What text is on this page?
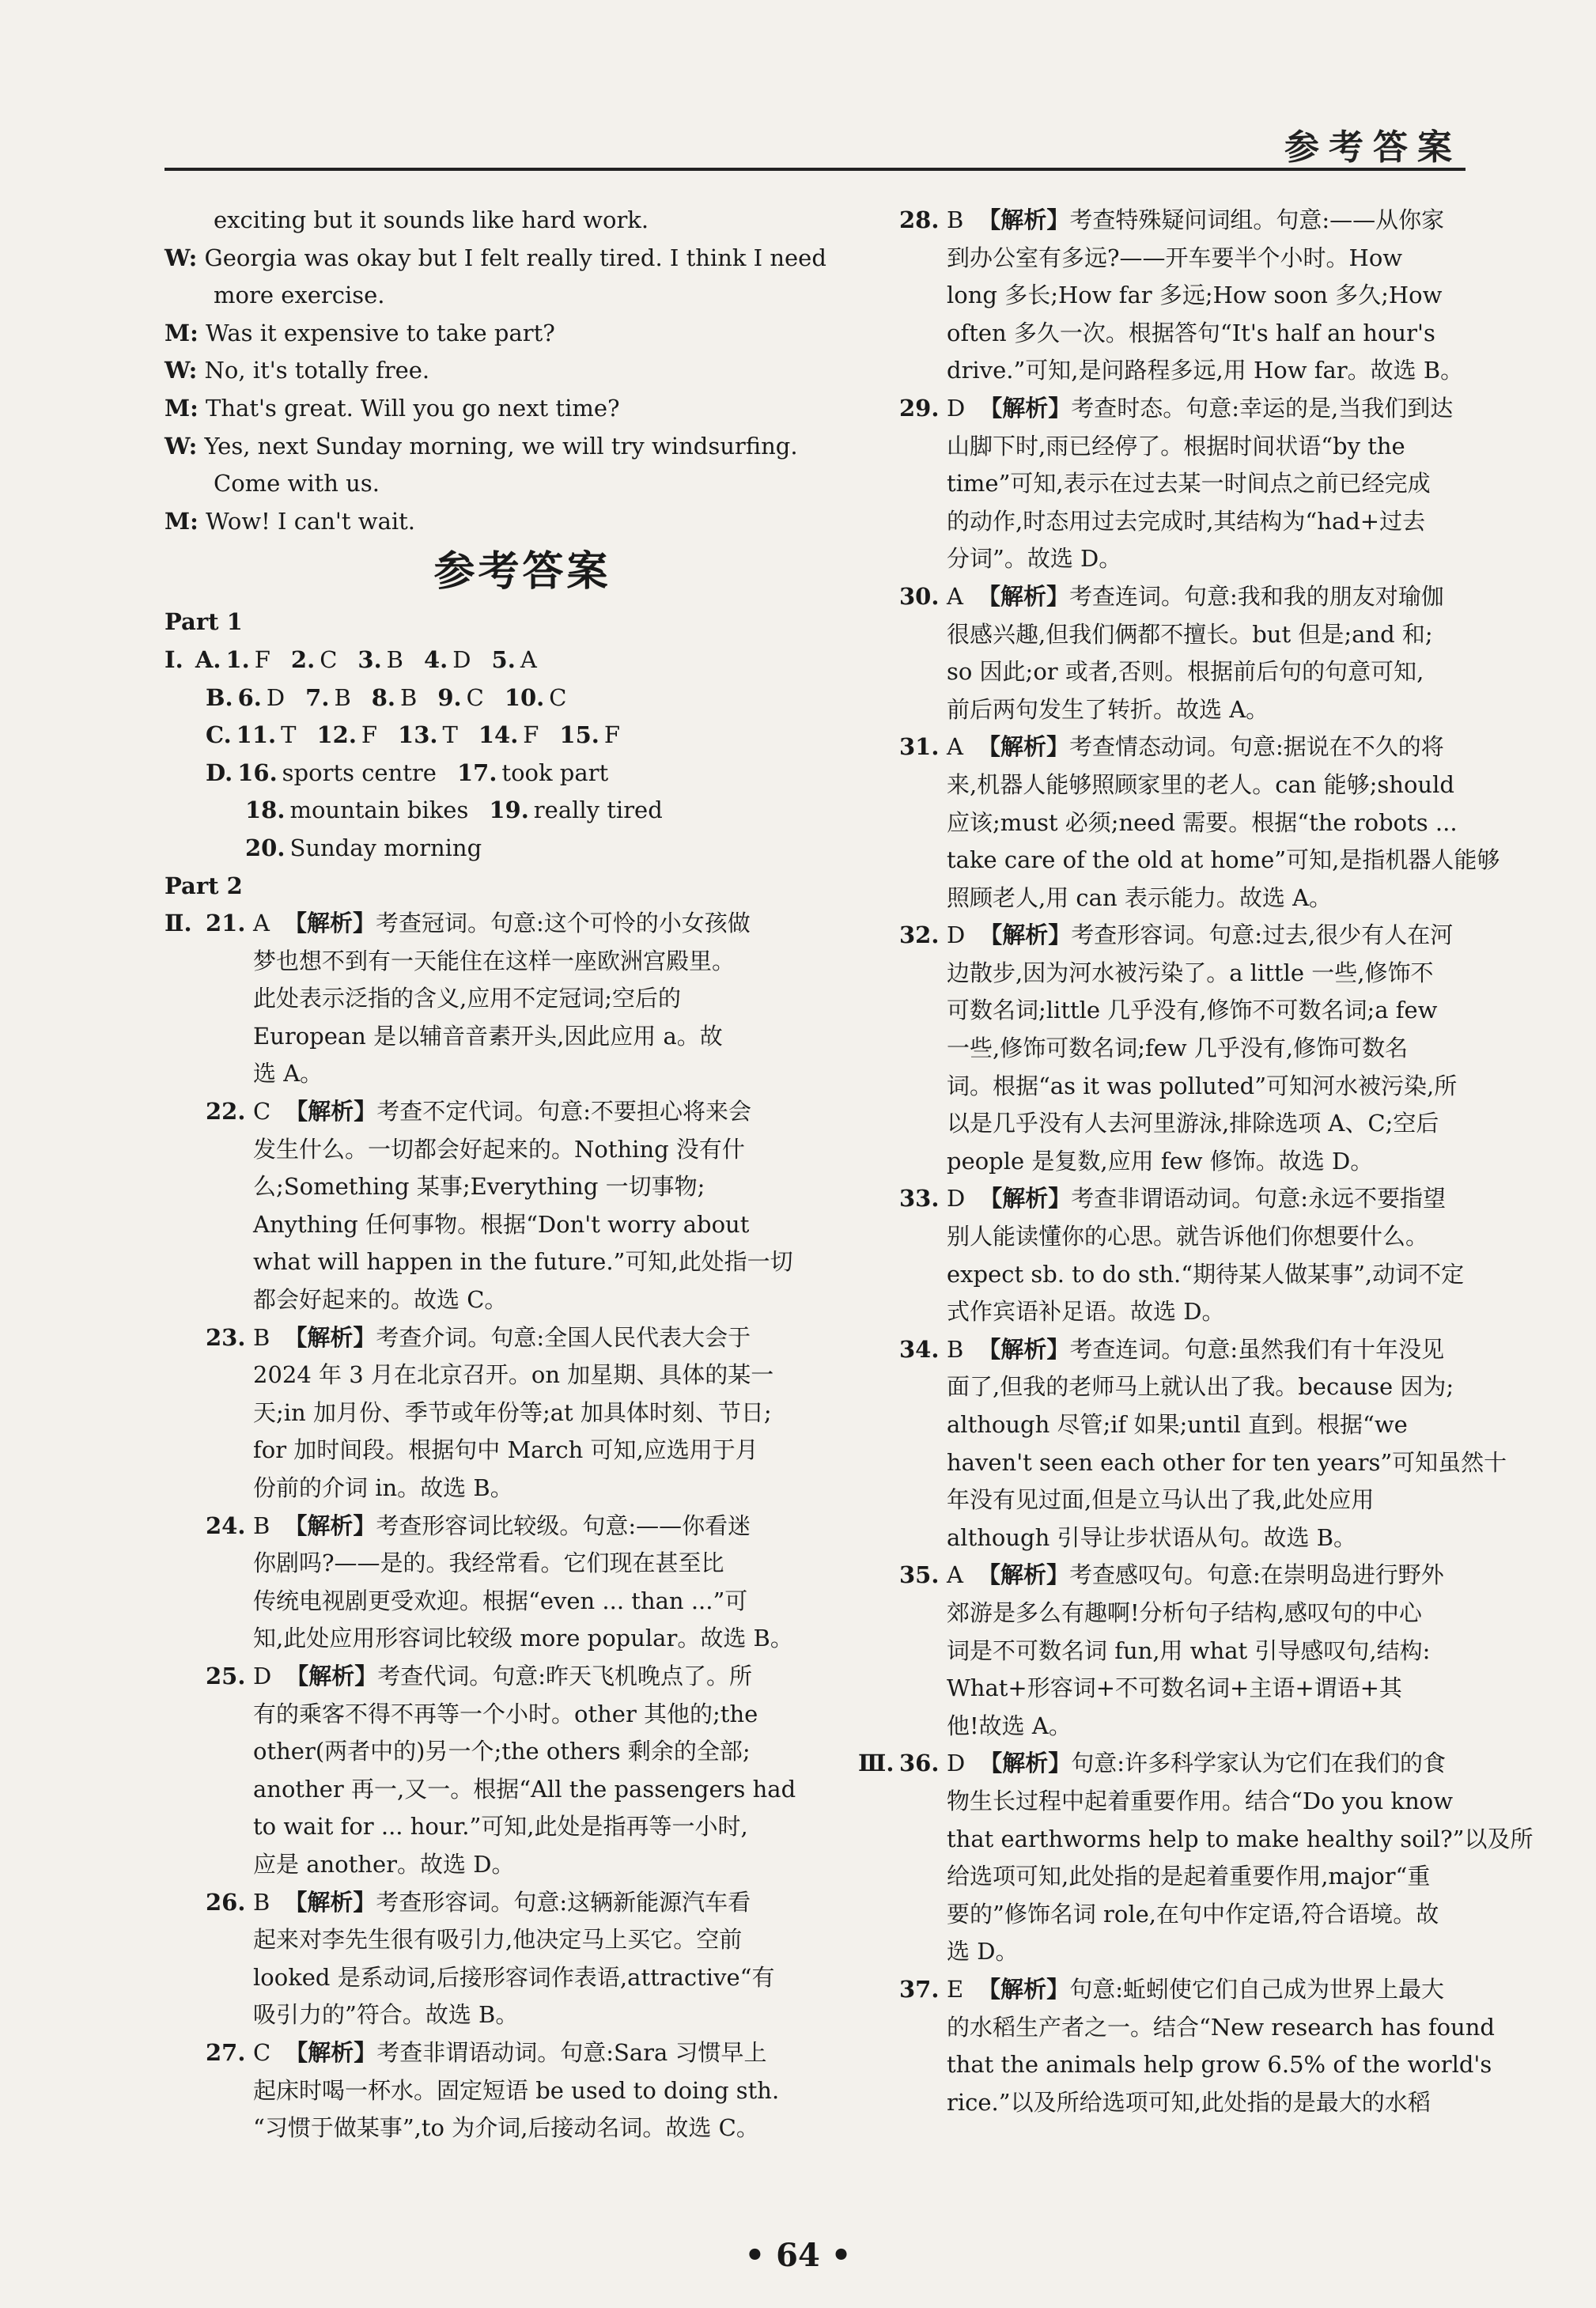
参考答案
exciting but it sounds like hard work.
W: Georgia was okay but I felt really tired. I think I need
more exercise.
M: Was it expensive to take part?
W: No, it's totally free.
M: That's great. Will you go next time?
W: Yes, next Sunday morning, we will try windsurfing.
Come with us.
M: Wow! I can't wait.
参考答案
Part 1
Ⅰ. A. 1. F 2. C 3. B 4. D 5. A
B. 6. D 7. B 8. B 9. C 10. C
C. 11. T 12. F 13. T 14. F 15. F
D. 16. sports centre 17. took part
18. mountain bikes 19. really tired
20. Sunday morning
Part 2
Ⅱ. 21. A 【解析】考查冠词。句意:这个可怜的小女孩做
梦也想不到有一天能住在这样一座欧洲宫殿里。
此处表示泛指的含义,应用不定冠词;空后的
European 是以辅音音素开头,因此应用 a。故
选 A。
22. C 【解析】考查不定代词。句意:不要担心将来会
发生什么。一切都会好起来的。Nothing 没有什
么;Something 某事;Everything 一切事物;
Anything 任何事物。根据“Don't worry about
what will happen in the future.”可知,此处指一切
都会好起来的。故选 C。
23. B 【解析】考查介词。句意:全国人民代表大会于
2024 年 3 月在北京召开。on 加星期、具体的某一
天;in 加月份、季节或年份等;at 加具体时刻、节日;
for 加时间段。根据句中 March 可知,应选用于月
份前的介词 in。故选 B。
24. B 【解析】考查形容词比较级。句意:——你看迷
你剧吗?——是的。我经常看。它们现在甚至比
传统电视剧更受欢迎。根据“even ... than ...”可
知,此处应用形容词比较级 more popular。故选 B。
25. D 【解析】考查代词。句意:昨天飞机晚点了。所
有的乘客不得不再等一个小时。other 其他的;the
other(两者中的)另一个;the others 剩余的全部;
another 再一,又一。根据“All the passengers had
to wait for ... hour.”可知,此处是指再等一小时,
应是 another。故选 D。
26. B 【解析】考查形容词。句意:这辆新能源汽车看
起来对李先生很有吸引力,他决定马上买它。空前
looked 是系动词,后接形容词作表语,attractive“有
吸引力的”符合。故选 B。
27. C 【解析】考查非谓语动词。句意:Sara 习惯早上
起床时喝一杯水。固定短语 be used to doing sth.
“习惯于做某事”,to 为介词,后接动名词。故选 C。
28. B 【解析】考查特殊疑问词组。句意:——从你家
到办公室有多远?——开车要半个小时。How
long 多长;How far 多远;How soon 多久;How
often 多久一次。根据答句“It's half an hour's
drive.”可知,是问路程多远,用 How far。故选 B。
29. D 【解析】考查时态。句意:幸运的是,当我们到达
山脚下时,雨已经停了。根据时间状语“by the
time”可知,表示在过去某一时间点之前已经完成
的动作,时态用过去完成时,其结构为“had+过去
分词”。故选 D。
30. A 【解析】考查连词。句意:我和我的朋友对瑜伽
很感兴趣,但我们俩都不擅长。but 但是;and 和;
so 因此;or 或者,否则。根据前后句的句意可知,
前后两句发生了转折。故选 A。
31. A 【解析】考查情态动词。句意:据说在不久的将
来,机器人能够照顾家里的老人。can 能够;should
应该;must 必须;need 需要。根据“the robots ...
take care of the old at home”可知,是指机器人能够
照顾老人,用 can 表示能力。故选 A。
32. D 【解析】考查形容词。句意:过去,很少有人在河
边散步,因为河水被污染了。a little 一些,修饰不
可数名词;little 几乎没有,修饰不可数名词;a few
一些,修饰可数名词;few 几乎没有,修饰可数名
词。根据“as it was polluted”可知河水被污染,所
以是几乎没有人去河里游泳,排除选项 A、C;空后
people 是复数,应用 few 修饰。故选 D。
33. D 【解析】考查非谓语动词。句意:永远不要指望
别人能读懂你的心思。就告诉他们你想要什么。
expect sb. to do sth.“期待某人做某事”,动词不定
式作宾语补足语。故选 D。
34. B 【解析】考查连词。句意:虽然我们有十年没见
面了,但我的老师马上就认出了我。because 因为;
although 尽管;if 如果;until 直到。根据“we
haven't seen each other for ten years”可知虽然十
年没有见过面,但是立马认出了我,此处应用
although 引导让步状语从句。故选 B。
35. A 【解析】考查感叹句。句意:在崇明岛进行野外
郊游是多么有趣啊!分析句子结构,感叹句的中心
词是不可数名词 fun,用 what 引导感叹句,结构:
What+形容词+不可数名词+主语+谓语+其
他!故选 A。
Ⅲ. 36. D 【解析】句意:许多科学家认为它们在我们的食
物生长过程中起着重要作用。结合“Do you know
that earthworms help to make healthy soil?”以及所
给选项可知,此处指的是起着重要作用,major“重
要的”修饰名词 role,在句中作定语,符合语境。故
选 D。
37. E 【解析】句意:蚯蚓使它们自己成为世界上最大
的水稻生产者之一。结合“New research has found
that the animals help grow 6.5% of the world's
rice.”以及所给选项可知,此处指的是最大的水稻
• 64 •
